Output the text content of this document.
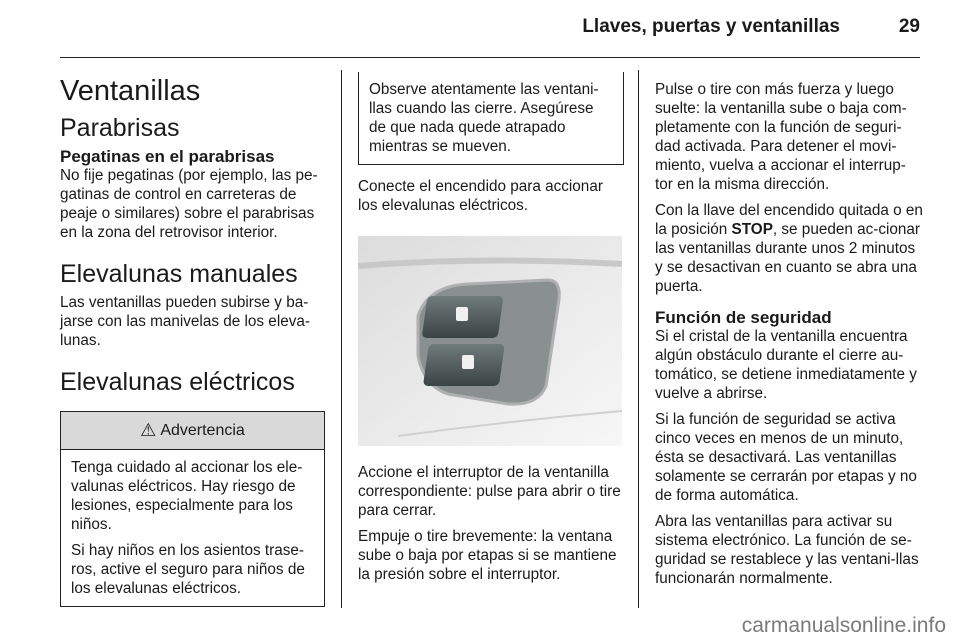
Llaves, puertas y ventanillas	29
Ventanillas
Parabrisas
Pegatinas en el parabrisas

No fije pegatinas (por ejemplo, las pe-gatinas de control en carreteras de peaje o similares) sobre el parabrisas en la zona del retrovisor interior.

Elevalunas manuales

Las ventanillas pueden subirse y ba-jarse con las manivelas de los eleva-lunas.

Elevalunas eléctricos
⚠ Advertencia

Tenga cuidado al accionar los ele-valunas eléctricos. Hay riesgo de lesiones, especialmente para los niños.

Si hay niños en los asientos trase-ros, active el seguro para niños de los elevalunas eléctricos.

Observe atentamente las ventani-llas cuando las cierre. Asegúrese de que nada quede atrapado mientras se mueven.

Conecte el encendido para accionar los elevalunas eléctricos.

Accione el interruptor de la ventanilla correspondiente: pulse para abrir o tire para cerrar.

Empuje o tire brevemente: la ventana sube o baja por etapas si se mantiene la presión sobre el interruptor.

Pulse o tire con más fuerza y luego suelte: la ventanilla sube o baja com-pletamente con la función de seguri-dad activada. Para detener el movi-miento, vuelva a accionar el interrup-tor en la misma dirección.

Con la llave del encendido quitada o en la posición STOP, se pueden ac-cionar las ventanillas durante unos 2 minutos y se desactivan en cuanto se abra una puerta.

Función de seguridad

Si el cristal de la ventanilla encuentra algún obstáculo durante el cierre au-tomático, se detiene inmediatamente y vuelve a abrirse.

Si la función de seguridad se activa cinco veces en menos de un minuto, ésta se desactivará. Las ventanillas solamente se cerrarán por etapas y no de forma automática.

Abra las ventanillas para activar su sistema electrónico. La función de se-guridad se restablece y las ventani-llas funcionarán normalmente.

carmanualsonline.info
